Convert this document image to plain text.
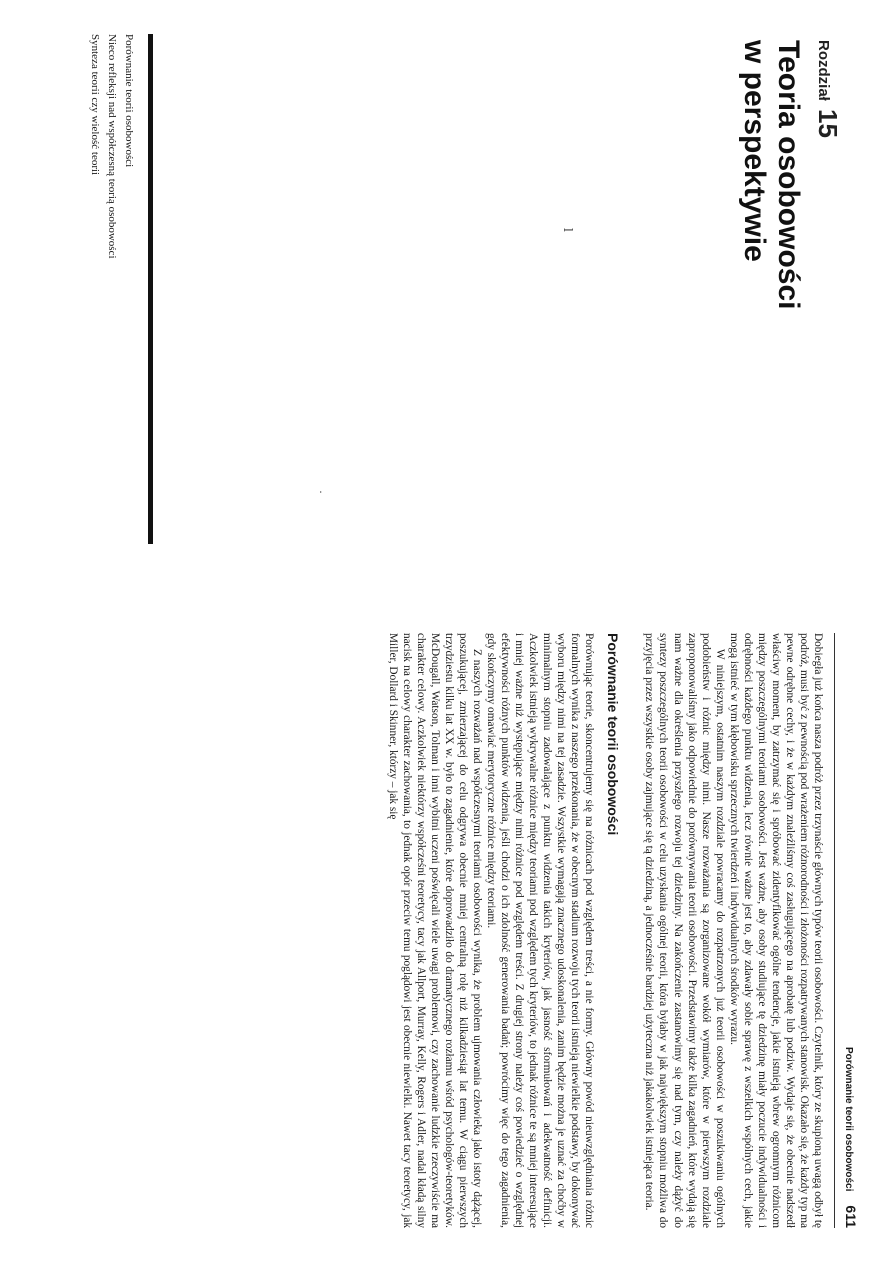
Rozdział 15
Teoria osobowości
w perspektywie
ⅼ
·
Porównanie teorii osobowości
Nieco refleksji nad współczesną teorią osobowości
Synteza teorii czy wielość teorii
Porównanie teorii osobowości
611

Dobiegła już końca nasza podróż przez trzynaście głównych typów teorii osobowości. Czytelnik, który ze skupioną uwagą odbył tę podróż, musi być z pewnością pod wrażeniem różnorodności i złożoności rozpatrywanych stanowisk. Okazało się, że każdy typ ma pewne odrębne cechy, i że w każdym znaleźliśmy coś zasługującego na aprobatę lub podziw. Wydaje się, że obecnie nadszedł właściwy moment, by zatrzymać się i spróbować zidentyfikować ogólne tendencje, jakie istnieją wbrew ogromnym różnicom między poszczególnymi teoriami osobowości. Jest ważne, aby osoby studiujące tę dziedzinę miały poczucie indywidualności i odrębności każdego punktu widzenia, lecz równie ważne jest to, aby zdawały sobie sprawę z wszelkich wspólnych cech, jakie mogą istnieć w tym kłębowisku sprzecznych twierdzeń i indywidualnych środków wyrazu.

W niniejszym, ostatnim naszym rozdziale powracamy do rozpatrzonych już teorii osobowości w poszukiwaniu ogólnych podobieństw i różnic między nimi. Nasze rozważania są zorganizowane wokół wymiarów, które w pierwszym rozdziale zaproponowaliśmy jako odpowiednie do porównywania teorii osobowości. Przedstawimy także kilka zagadnień, które wydają się nam ważne dla określenia przyszłego rozwoju tej dziedziny. Na zakończenie zastanowimy się nad tym, czy należy dążyć do syntezy poszczególnych teorii osobowości w celu uzyskania ogólnej teorii, która byłaby w jak największym stopniu możliwa do przyjęcia przez wszystkie osoby zajmujące się tą dziedziną, a jednocześnie bardziej użyteczna niż jakakolwiek istniejąca teoria.

Porównanie teorii osobowości

Porównując teorie, skoncentrujemy się na różnicach pod względem treści, a nie formy. Główny powód nieuwzględniania różnic formalnych wynika z naszego przekonania, że w obecnym stadium rozwoju tych teorii istnieją niewielkie podstawy, by dokonywać wyboru między nimi na tej zasadzie. Wszystkie wymagają znacznego udoskonalenia, zanim będzie można je uznać za choćby w minimalnym stopniu zadowalające z punktu widzenia takich kryteriów, jak jasność sformułowań i adekwatność definicji. Aczkolwiek istnieją wykrywalne różnice między teoriami pod względem tych kryteriów, to jednak różnice te są mniej interesujące i mniej ważne niż występujące między nimi różnice pod względem treści. Z drugiej strony należy coś powiedzieć o względnej efektywności różnych punktów widzenia, jeśli chodzi o ich zdolność generowania badań; powrócimy więc do tego zagadnienia, gdy skończymy omawiać merytoryczne różnice między teoriami.

Z naszych rozważań nad współczesnymi teoriami osobowości wynika, że problem ujmowania człowieka jako istoty dążącej, poszukującej, zmierzającej do celu odgrywa obecnie mniej centralną rolę niż kilkadziesiąt lat temu. W ciągu pierwszych trzydziestu kilku lat XX w. było to zagadnienie, które doprowadziło do dramatycznego rozłamu wśród psychologów-teoretyków. McDougall, Watson, Tolman i inni wybitni uczeni poświęcali wiele uwagi problemowi, czy zachowanie ludzkie rzeczywiście ma charakter celowy. Aczkolwiek niektórzy współcześni teoretycy, tacy jak Allport, Murray, Kelly, Rogers i Adler, nadal kładą silny nacisk na celowy charakter zachowania, to jednak opór przeciw temu poglądowi jest obecnie niewielki. Nawet tacy teoretycy, jak Miller, Dollard i Skinner, którzy – jak się
